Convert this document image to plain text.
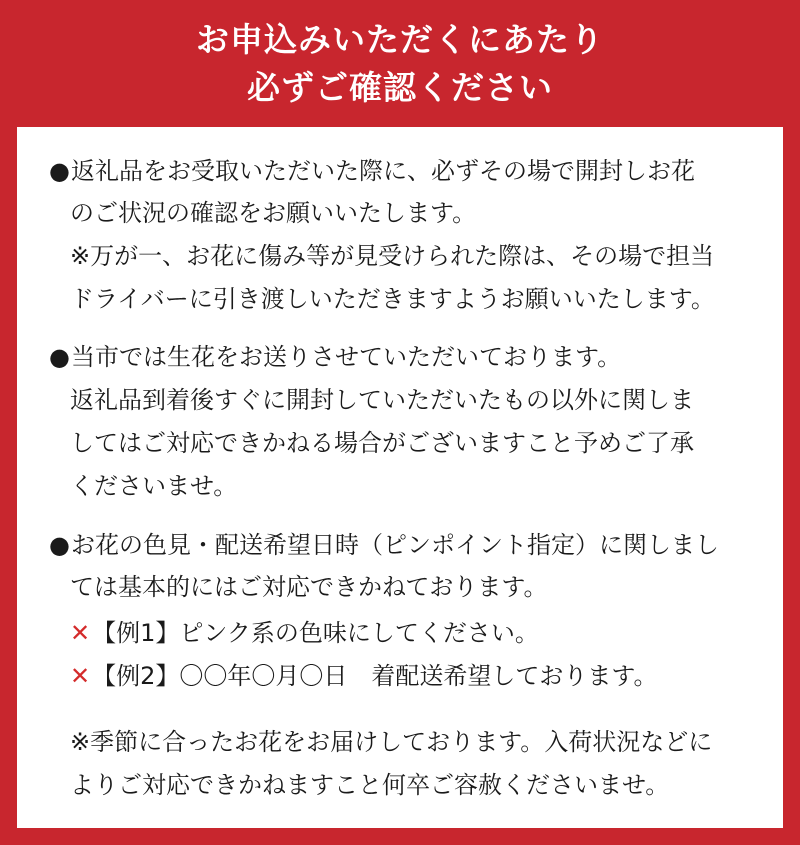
お申込みいただくにあたり
必ずご確認ください
●返礼品をお受取いただいた際に、必ずその場で開封しお花
のご状況の確認をお願いいたします。
※万が一、お花に傷み等が見受けられた際は、その場で担当
ドライバーに引き渡しいただきますようお願いいたします。
●当市では生花をお送りさせていただいております。
返礼品到着後すぐに開封していただいたもの以外に関しま
してはご対応できかねる場合がございますこと予めご了承
くださいませ。
●お花の色見・配送希望日時（ピンポイント指定）に関しまし
ては基本的にはご対応できかねております。
✕【例1】ピンク系の色味にしてください。
✕【例2】〇〇年〇月〇日　着配送希望しております。
※季節に合ったお花をお届けしております。入荷状況などに
よりご対応できかねますこと何卒ご容赦くださいませ。
